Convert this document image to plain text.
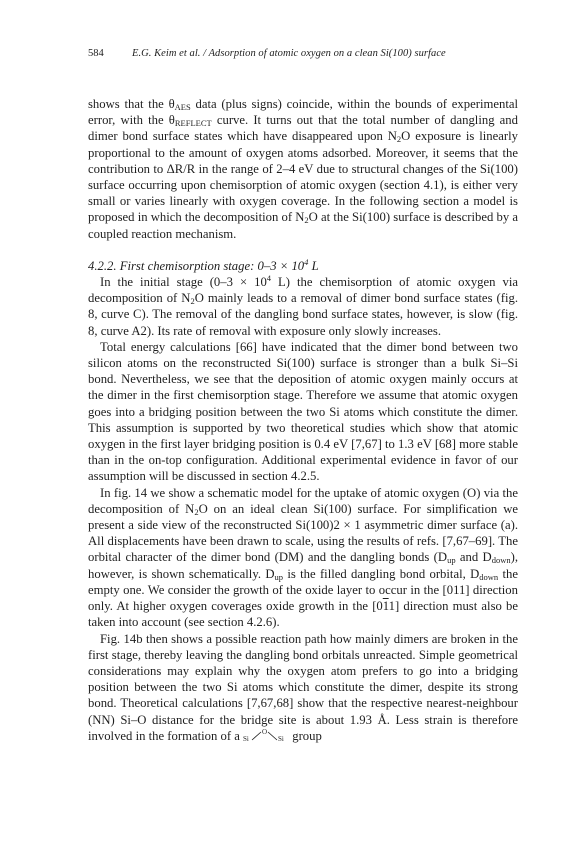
584	E.G. Keim et al. / Adsorption of atomic oxygen on a clean Si(100) surface

shows that the $\theta_{AES}$ data (plus signs) coincide, within the bounds of experimental error, with the $\theta_{REFLECT}$ curve. It turns out that the total number of dangling and dimer bond surface states which have disappeared upon $N_2O$ exposure is linearly proportional to the amount of oxygen atoms adsorbed. Moreover, it seems that the contribution to ΔR/R in the range of 2–4 eV due to structural changes of the Si(100) surface occurring upon chemisorption of atomic oxygen (section 4.1), is either very small or varies linearly with oxygen coverage. In the following section a model is proposed in which the decomposition of $N_2O$ at the Si(100) surface is described by a coupled reaction mechanism.

4.2.2. First chemisorption stage: $0-3 \times 10^4$ L

In the initial stage ($0-3 \times 10^4$ L) the chemisorption of atomic oxygen via decomposition of $N_2O$ mainly leads to a removal of dimer bond surface states (fig. 8, curve C). The removal of the dangling bond surface states, however, is slow (fig. 8, curve A2). Its rate of removal with exposure only slowly increases.

Total energy calculations [66] have indicated that the dimer bond between two silicon atoms on the reconstructed Si(100) surface is stronger than a bulk Si–Si bond. Nevertheless, we see that the deposition of atomic oxygen mainly occurs at the dimer in the first chemisorption stage. Therefore we assume that atomic oxygen goes into a bridging position between the two Si atoms which constitute the dimer. This assumption is supported by two theoretical studies which show that atomic oxygen in the first layer bridging position is 0.4 eV [7,67] to 1.3 eV [68] more stable than in the on-top configuration. Additional experimental evidence in favor of our assumption will be discussed in section 4.2.5.

In fig. 14 we show a schematic model for the uptake of atomic oxygen (O) via the decomposition of $N_2O$ on an ideal clean Si(100) surface. For simplification we present a side view of the reconstructed Si(100)2 × 1 asymmetric dimer surface (a). All displacements have been drawn to scale, using the results of refs. [7,67–69]. The orbital character of the dimer bond (DM) and the dangling bonds ($D_{up}$ and $D_{down}$), however, is shown schematically. $D_{up}$ is the filled dangling bond orbital, $D_{down}$ the empty one. We consider the growth of the oxide layer to occur in the [011] direction only. At higher oxygen coverages oxide growth in the [011] direction must also be taken into account (see section 4.2.6).

Fig. 14b then shows a possible reaction path how mainly dimers are broken in the first stage, thereby leaving the dangling bond orbitals unreacted. Simple geometrical considerations may explain why the oxygen atom prefers to go into a bridging position between the two Si atoms which constitute the dimer, despite its strong bond. Theoretical calculations [7,67,68] show that the respective nearest-neighbour (NN) Si–O distance for the bridge site is about 1.93 Å. Less strain is therefore involved in the formation of a Si
O
Si group
